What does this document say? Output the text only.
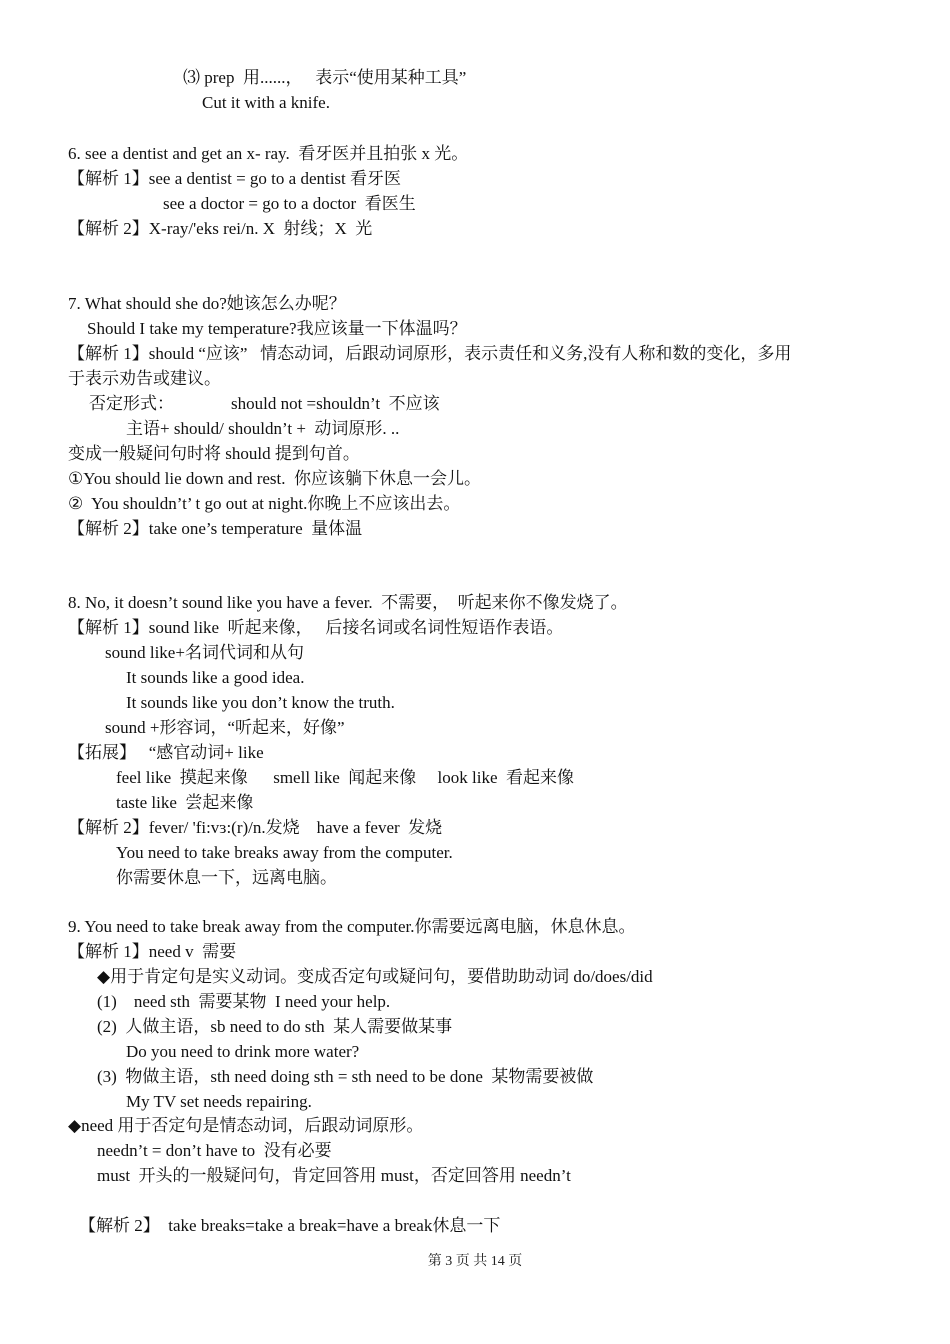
⑶ prep  用......，   表示“使用某种工具”
Cut it with a knife.
6. see a dentist and get an x- ray.  看牙医并且拍张 x 光。
【解析 1】see a dentist = go to a dentist 看牙医
see a doctor = go to a doctor  看医生
【解析 2】X-ray/'eks rei/n. X  射线；X  光
7. What should she do?她该怎么办呢？
Should I take my temperature?我应该量一下体温吗？
【解析 1】should “应该”   情态动词，后跟动词原形，表示责任和义务,没有人称和数的变化，多用
于表示劝告或建议。
否定形式：	should not =shouldn’t  不应该
主语+ should/ shouldn’t +  动词原形. ..
变成一般疑问句时将 should 提到句首。
①You should lie down and rest.  你应该躺下休息一会儿。
②  You shouldn’t’ t go out at night.你晚上不应该出去。
【解析 2】take one’s temperature  量体温
8. No, it doesn’t sound like you have a fever.  不需要，  听起来你不像发烧了。
【解析 1】sound like  听起来像，   后接名词或名词性短语作表语。
sound like+名词代词和从句
It sounds like a good idea.
It sounds like you don’t know the truth.
sound +形容词，“听起来，好像”
【拓展】   “感官动词+ like
feel like  摸起来像      smell like  闻起来像     look like  看起来像
taste like  尝起来像
【解析 2】fever/ 'fi:vɜ:(r)/n.发烧    have a fever  发烧
You need to take breaks away from the computer.
你需要休息一下，远离电脑。
9. You need to take break away from the computer.你需要远离电脑，休息休息。
【解析 1】need v  需要
◆用于肯定句是实义动词。变成否定句或疑问句，要借助助动词 do/does/did
(1)    need sth  需要某物  I need your help.
(2)  人做主语，sb need to do sth  某人需要做某事
Do you need to drink more water?
(3)  物做主语，sth need doing sth = sth need to be done  某物需要被做
My TV set needs repairing.
◆need 用于否定句是情态动词，后跟动词原形。
needn’t = don’t have to  没有必要
must  开头的一般疑问句，肯定回答用 must，否定回答用 needn’t
【解析 2】  take breaks=take a break=have a break休息一下
第 3 页 共 14 页
